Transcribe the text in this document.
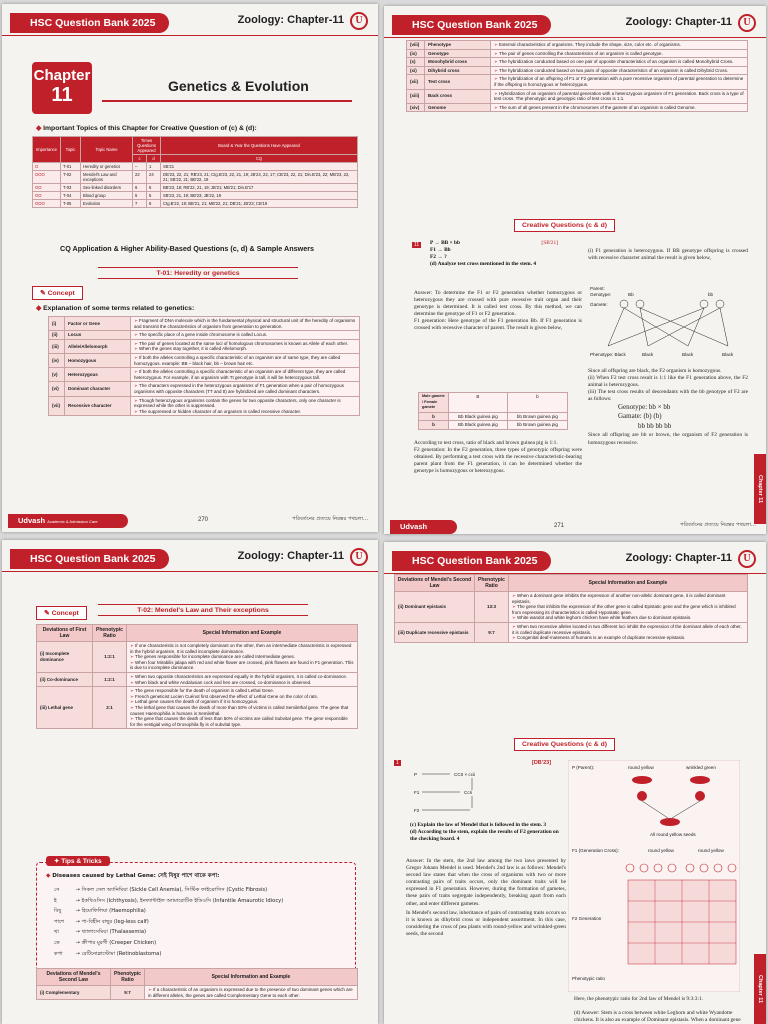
HSC Question Bank 2025	Zoology: Chapter-11	U
Chapter
11	Genetics & Evolution
◆ Important Topics of this Chapter for Creative Question of (c) & (d):
Importance	Topic	Topic Name	Times Questions Appeared		Board & Year the Questions Have Appeared
			c	d	CQ
O	T-01	Heredity or genetics	–	1	SB'21
OOO	T-02	Mendel's Law and exceptions	22	24	DB'23, 22, 21; RB'23, 21; Ctg.B'23, 22, 21, 19; JB'23, 22, 17; CB'23, 22, 21; Din.B'23, 22; MB'23, 22, 21; SB'22, 21; BB'22, 19
OO	T-03	Sex-linked disorders	6	6	BB'23, 18; RB'22, 21, 19; JB'21; MB'21; Din.B'17
OO	T-04	Blood group	5	5	SB'23, 21, 19; BB'23; JB'22, 19
OOO	T-05	Evolution	7	8	Ctg.B'22, 19; BB'21, 21; MB'22, 21; DB'21; JB'23; CB'19
CQ Application & Higher Ability-Based Questions (c, d) & Sample Answers
T-01: Heredity or genetics
✎ Concept
◆ Explanation of some terms related to genetics:
(i)	Factor or Gene	➢ Fragment of DNA molecule which is the fundamental physical and structural unit of the heredity of organisms and transmit the characteristics of organism from generation to generation.
(ii)	Locus	➢ The specific place of a gene inside chromosome is called Locus.
(iii)	Allele/Allelomorph	➢ The pair of genes located at the same loci of homologous chromosomes is known as Allele of each other.
➢ When the genes stay together, it is called Allelomorph.
(iv)	Homozygous	➢ If both the alleles controlling a specific characteristic of an organism are of same type, they are called homozygous. example: BB – black hair, bb – brown hair etc.
(v)	Heterozygous	➢ If both the alleles controlling a specific characteristic of an organism are of different type, they are called heterozygous. For example, if an organism with Tt genotype is tall, it will be heterozygous tall.
(vi)	Dominant character	➢ The characters expressed in the heterozygous organisms of F1 generation when a pair of homozygous organisms with opposite characters (TT and tt) are hybridized are called dominant characters.
(vii)	Recessive character	➢ Though heterozygous organisms contain the genes for two opposite characters, only one character is expressed while the other is suppressed.
➢ The suppressed or hidden character of an organism is called recessive character.
Udvash Academic & Admission Care	270	পরিবর্তনের প্রত্যয়ে নিরন্তর পথচলা...
HSC Question Bank 2025	Zoology: Chapter-11	U
(viii)	Phenotype	➢ External characteristics of organisms. They include the shape, size, color etc. of organisms.
(ix)	Genotype	➢ The pair of genes controlling the characteristics of an organism is called genotype.
(x)	Monohybrid cross	➢ The hybridization conducted based on one pair of opposite characteristics of an organism is called Monohybrid Cross.
(xi)	Dihybrid cross	➢ The hybridization conducted based on two pairs of opposite characteristics of an organism is called Dihybrid Cross.
(xii)	Test cross	➢ The hybridization of an offspring of F1 or F2 generation with a pure recessive organism of parental generation to determine if the offspring is homozygous or heterozygous.
(xiii)	Back cross	➢ Hybridization of an organism of parental generation with a heterozygous organism of F1 generation. Back cross is a type of test cross. The phenotypic and genotypic ratio of test cross is 1:1.
(xiv)	Genome	➢ The sum of all genes present in the chromosomes of the gamete of an organism is called Genome.
Creative Questions (c & d)
11	P → BB × bb	[SB'21]
F1 → Bb
F2 → ?
(d) Analyze test cross mentioned in the stem. 4
Answer: To determine the F1 or F2 generation whether homozygous or heterozygous they are crossed with pure recessive trait organ and their genotype is determined. It is called test cross. By this method, we can determine the genotype of F1 or F2 generation.
F1 generation: Here genotype of the F1 generation Bb. If F1 generation is crossed with recessive character of parent. The result is given below,
Male gamete / Female gamete	B	b
b	Bb Black guinea pig	bb Brown guinea pig
b	Bb Black guinea pig	bb Brown guinea pig
According to test cross, ratio of black and brown guinea pig is 1:1.
F2 generation: In the F2 generation, three types of genotypic offspring were obtained. By performing a test cross with the recessive characteristic-bearing parent plant from the F1 generation, it can be determined whether the genotype is homozygous or heterozygous.
(i) F1 generation is heterozygous. If BB genotype offspring is crossed with recessive character animal the result is given below,
Parent:
Genotype:	Bb	bb
Gamete:
Phenotype: Black	Black	Black	Black
Since all offspring are black, the F2 organism is homozygous.
(ii) When F2 test cross result is 1:1 like the F1 generation above, the F2 animal is heterozygous.
(iii) The test cross results of descendants with the bb genotype of F2 are as follows:
Genotype: bb × bb
Gamate: (b) (b)
bb bb bb bb
Since all offspring are bb or brown, the organism of F2 generation is homozygous recessive.
Chapter 11
Udvash	271	পরিবর্তনের প্রত্যয়ে নিরন্তর পথচলা...
HSC Question Bank 2025	Zoology: Chapter-11	U
T-02: Mendel's Law and Their exceptions
✎ Concept
Deviations of First Law	Phenotypic Ratio	Special Information and Example
(i) Incomplete dominance	1:2:1	➢ If one characteristic is not completely dominant on the other, then an intermediate characteristic is expressed in the hybrid organism. It is called incomplete dominance.
➢ The genes responsible for incomplete dominance are called Intermediate genes.
➢ When four Mirabilis jalapa with red and white flower are crossed, pink flowers are found in F1 generation. This is due to incomplete dominance.
(ii) Co-dominance	1:2:1	➢ When two opposite characteristics are expressed equally in the hybrid organism, it is called co-dominance.
➢ When black and white Andalusian cock and hen are crossed, co-dominance is observed.
(iii) Lethal gene	2:1	➢ The gene responsible for the death of organism is called Lethal Gene.
➢ French geneticist Lucien Cuénot first observed the effect of Lethal Gene on the color of rats.
➢ Lethal gene causes the death of organism if it is homozygous.
➢ The lethal gene that causes the death of more than 50% of victims is called Semilethal gene. The gene that causes Haemophilia in humans is Semilethal.
➢ The gene that causes the death of less than 50% of victims are called Subvital gene. The gene responsible for the vestigial wing of Drosophila fly is of subvital type.
✦ Tips & Tricks
◆ Diseases caused by Lethal Gene: সেই বিষুর পাশে থাকে কপা:
সে	→ সিকল সেল অ্যানিমিয়া (Sickle Cell Anemia), সিস্টিক ফাইব্রোসিস (Cystic Fibrosis)
ই	→ ইকথিওসিস (Ichthyosis), ইনফ্যান্টাইল অ্যামারোটিক ইডিওসি (Infantile Amaurotic Idiocy)
বিষু → হিমোফিলিয়া (Haemophilia)
পাশে → পা-বিহীন বাছুর (leg-less calf)
থা	→ থ্যালাসেমিয়া (Thalassemia)
কে	→ ক্রীপার মুরগী (Creeper Chicken)
কপা → রেটিনোব্লাস্টোমা (Retinoblastoma)
Deviations of Mendel's Second Law	Phenotypic Ratio	Special Information and Example
(i) Complementary	9:7	➢ If a characteristic of an organism is expressed due to the presence of two dominant genes which are in different alleles, the genes are called Complementary Gene to each other.
HSC Question Bank 2025	Zoology: Chapter-11	U
Deviations of Mendel's Second Law	Phenotypic Ratio	Special Information and Example
(ii) Dominant epistasis	13:3	➢ When a dominant gene inhibits the expression of another non-allelic dominant gene, it is called dominant epistasis.
➢ The gene that inhibits the expression of the other gene is called Epistatic gene and the gene which is inhibited from expressing its characteristics is called Hypostatic gene.
➢ White wandot and white leghorn chicken have white feathers due to dominant epistasis.
(iii) Duplicate recessive epistasis	9:7	➢ When two recessive alleles located in two different loci inhibit the expression of the dominant allele of each other, it is called duplicate recessive epistasis.
➢ Congenital deaf-muteness of humans is an example of duplicate recessive epistasis.
Creative Questions (c & d)
1	[DB'23]
P	CCII × ccii
F1	CcIi
F2
(c) Explain the law of Mendel that is followed in the stem. 3
(d) According to the stem, explain the results of F2 generation on the checking board. 4
Answer: In the stem, the 2nd law among the two laws presented by Gregor Johann Mendel is used. Mendel's 2nd law is as follows: Mendel's second law states that when the cross of organisms with two or more contrasting pairs of traits occurs, only the dominant traits will be expressed in F1 generation. However, during the formation of gametes, these pairs of traits segregate independently, breaking apart from each other, and enter different gametes.
In Mendel's second law, inheritance of pairs of contrasting traits occurs so it is known as dihybrid cross or independent assortment. In this case, considering the cross of pea plants with round-yellow and wrinkled-green seeds, the second
P (Parent):	round yellow	wrinkled green
All round yellow seeds
F1 (Generation Cross):	round yellow	round yellow
F2 Generation
Phenotypic ratio
Here, the phenotypic ratio for 2nd law of Mendel is 9:3:3:1.
(d) Answer: Stem is a cross between white Leghorn and white Wyandotte chickens. It is also an example of Dominant epistasis. When a dominant gene
Chapter 11
